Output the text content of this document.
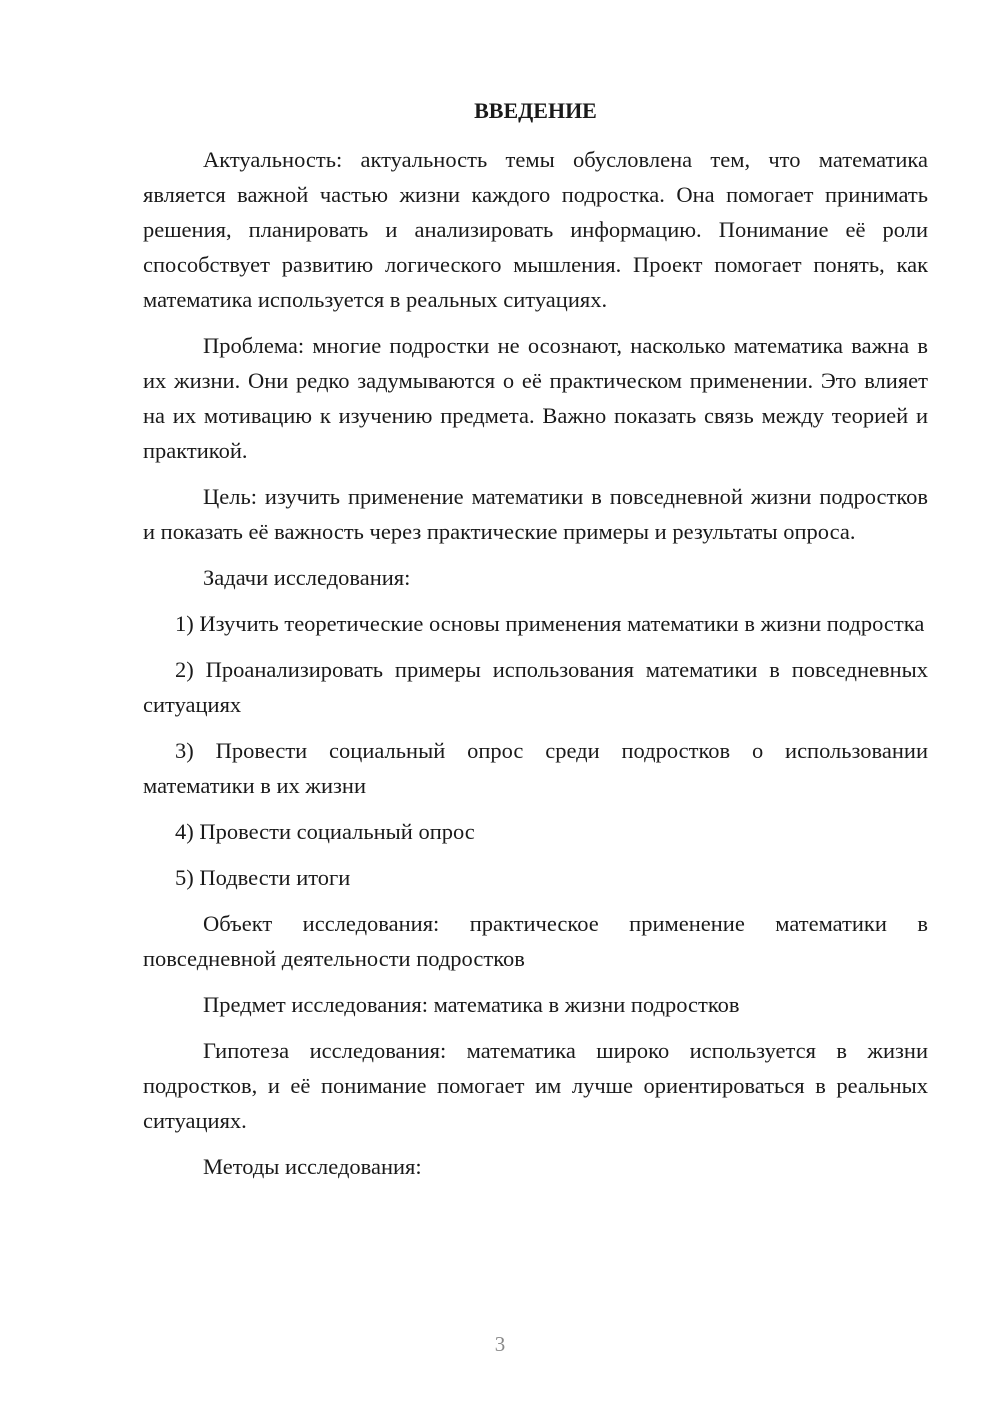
ВВЕДЕНИЕ

Актуальность: актуальность темы обусловлена тем, что математика является важной частью жизни каждого подростка. Она помогает принимать решения, планировать и анализировать информацию. Понимание её роли способствует развитию логического мышления. Проект помогает понять, как математика используется в реальных ситуациях.

Проблема: многие подростки не осознают, насколько математика важна в их жизни. Они редко задумываются о её практическом применении. Это влияет на их мотивацию к изучению предмета. Важно показать связь между теорией и практикой.

Цель: изучить применение математики в повседневной жизни подростков и показать её важность через практические примеры и результаты опроса.

Задачи исследования:

1) Изучить теоретические основы применения математики в жизни подростка

2) Проанализировать примеры использования математики в повседневных ситуациях

3) Провести социальный опрос среди подростков о использовании математики в их жизни

4) Провести социальный опрос

5) Подвести итоги

Объект исследования: практическое применение математики в повседневной деятельности подростков

Предмет исследования: математика в жизни подростков

Гипотеза исследования: математика широко используется в жизни подростков, и её понимание помогает им лучше ориентироваться в реальных ситуациях.

Методы исследования:

3
